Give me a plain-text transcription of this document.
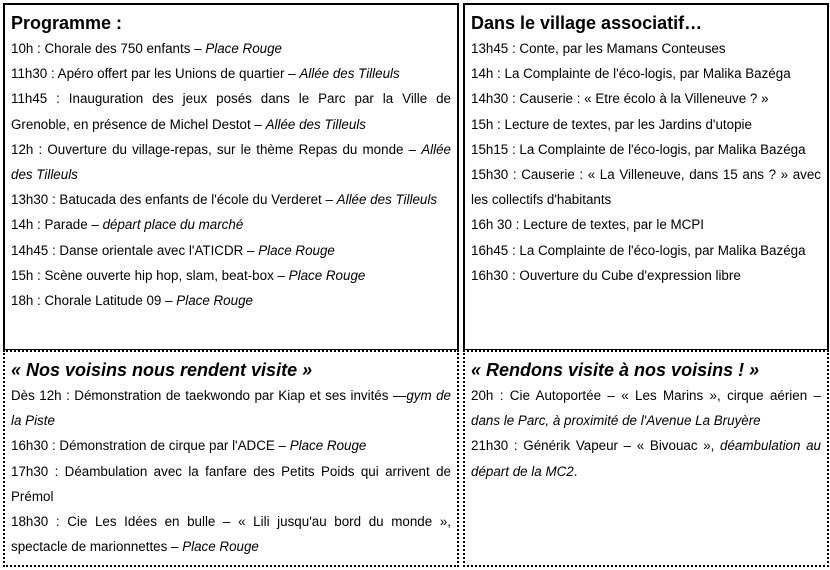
Programme :

10h : Chorale des 750 enfants – Place Rouge

11h30 : Apéro offert par les Unions de quartier – Allée des Tilleuls

11h45 : Inauguration des jeux posés dans le Parc par la Ville de Grenoble, en présence de Michel Destot – Allée des Tilleuls

12h : Ouverture du village-repas, sur le thème Repas du monde – Allée des Tilleuls

13h30 : Batucada des enfants de l'école du Verderet – Allée des Tilleuls

14h : Parade – départ place du marché

14h45 : Danse orientale avec l'ATICDR – Place Rouge

15h : Scène ouverte hip hop, slam, beat-box – Place Rouge

18h : Chorale Latitude 09 – Place Rouge

Dans le village associatif…

13h45 : Conte, par les Mamans Conteuses

14h : La Complainte de l'éco-logis, par Malika Bazéga

14h30 : Causerie : « Etre écolo à la Villeneuve ? »

15h : Lecture de textes, par les Jardins d'utopie

15h15 : La Complainte de l'éco-logis, par Malika Bazéga

15h30 : Causerie : « La Villeneuve, dans 15 ans ? » avec les collectifs d'habitants

16h 30 : Lecture de textes, par le MCPI

16h45 : La Complainte de l'éco-logis, par Malika Bazéga

16h30 : Ouverture du Cube d'expression libre

« Nos voisins nous rendent visite »

Dès 12h : Démonstration de taekwondo par Kiap et ses invités —gym de la Piste

16h30 : Démonstration de cirque par l'ADCE – Place Rouge

17h30 : Déambulation avec la fanfare des Petits Poids qui arrivent de Prémol

18h30 : Cie Les Idées en bulle – « Lili jusqu'au bord du monde », spectacle de marionnettes – Place Rouge

« Rendons visite à nos voisins ! »

20h : Cie Autoportée – « Les Marins », cirque aérien – dans le Parc, à proximité de l'Avenue La Bruyère

21h30 : Générik Vapeur – « Bivouac », déambulation au départ de la MC2.
